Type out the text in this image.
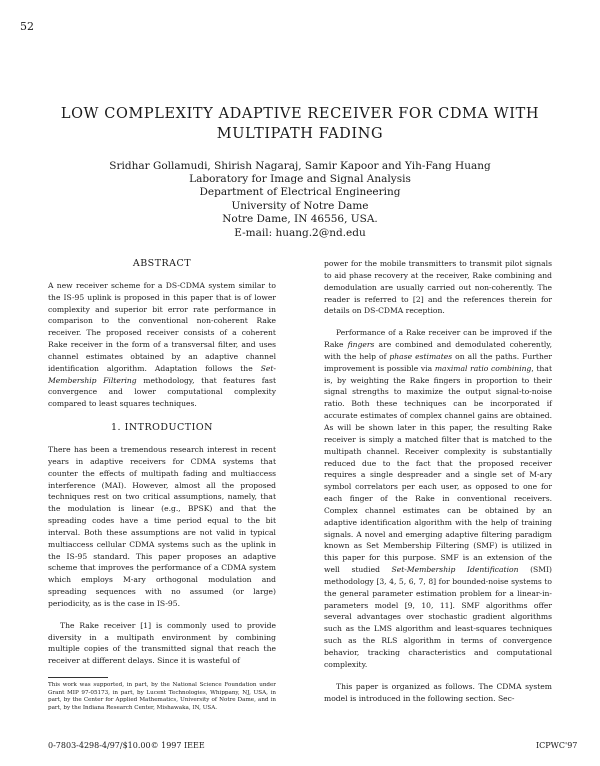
52
LOW COMPLEXITY ADAPTIVE RECEIVER FOR CDMA WITH
MULTIPATH FADING
Sridhar Gollamudi, Shirish Nagaraj, Samir Kapoor and Yih-Fang Huang
Laboratory for Image and Signal Analysis
Department of Electrical Engineering
University of Notre Dame
Notre Dame, IN 46556, USA.
E-mail: huang.2@nd.edu
ABSTRACT

A new receiver scheme for a DS-CDMA system similar to the IS-95 uplink is proposed in this paper that is of lower complexity and superior bit error rate performance in comparison to the conventional non-coherent Rake receiver. The proposed receiver consists of a coherent Rake receiver in the form of a transversal filter, and uses channel estimates obtained by an adaptive channel identification algorithm. Adaptation follows the Set-Membership Filtering methodology, that features fast convergence and lower computational complexity compared to least squares techniques.

1. INTRODUCTION

There has been a tremendous research interest in recent years in adaptive receivers for CDMA systems that counter the effects of multipath fading and multiaccess interference (MAI). However, almost all the proposed techniques rest on two critical assumptions, namely, that the modulation is linear (e.g., BPSK) and that the spreading codes have a time period equal to the bit interval. Both these assumptions are not valid in typical multiaccess cellular CDMA systems such as the uplink in the IS-95 standard. This paper proposes an adaptive scheme that improves the performance of a CDMA system which employs M-ary orthogonal modulation and spreading sequences with no assumed (or large) periodicity, as is the case in IS-95.

The Rake receiver [1] is commonly used to provide diversity in a multipath environment by combining multiple copies of the transmitted signal that reach the receiver at different delays. Since it is wasteful of

This work was supported, in part, by the National Science Foundation under Grant MIP 97-05173, in part, by Lucent Technologies, Whippany, NJ, USA, in part, by the Center for Applied Mathematics, University of Notre Dame, and in part, by the Indiana Research Center, Mishawaka, IN, USA.

power for the mobile transmitters to transmit pilot signals to aid phase recovery at the receiver, Rake combining and demodulation are usually carried out non-coherently. The reader is referred to [2] and the references therein for details on DS-CDMA reception.

Performance of a Rake receiver can be improved if the Rake fingers are combined and demodulated coherently, with the help of phase estimates on all the paths. Further improvement is possible via maximal ratio combining, that is, by weighting the Rake fingers in proportion to their signal strengths to maximize the output signal-to-noise ratio. Both these techniques can be incorporated if accurate estimates of complex channel gains are obtained. As will be shown later in this paper, the resulting Rake receiver is simply a matched filter that is matched to the multipath channel. Receiver complexity is substantially reduced due to the fact that the proposed receiver requires a single despreader and a single set of M-ary symbol correlators per each user, as opposed to one for each finger of the Rake in conventional receivers. Complex channel estimates can be obtained by an adaptive identification algorithm with the help of training signals. A novel and emerging adaptive filtering paradigm known as Set Membership Filtering (SMF) is utilized in this paper for this purpose. SMF is an extension of the well studied Set-Membership Identification (SMI) methodology [3, 4, 5, 6, 7, 8] for bounded-noise systems to the general parameter estimation problem for a linear-in-parameters model [9, 10, 11]. SMF algorithms offer several advantages over stochastic gradient algorithms such as the LMS algorithm and least-squares techniques such as the RLS algorithm in terms of convergence behavior, tracking characteristics and computational complexity.

This paper is organized as follows. The CDMA system model is introduced in the following section. Sec-

0-7803-4298-4/97/$10.00© 1997 IEEE	ICPWC'97
